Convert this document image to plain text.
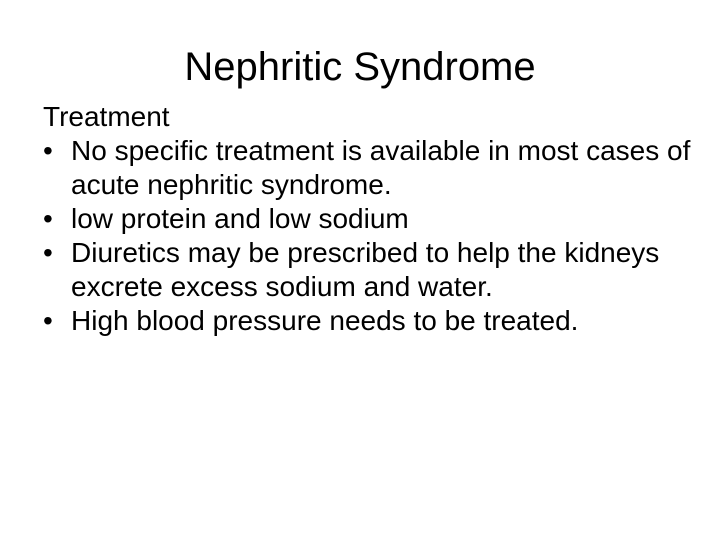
Nephritic Syndrome
Treatment
• No specific treatment is available in most cases of acute nephritic syndrome.
• low protein and low sodium
• Diuretics may be prescribed to help the kidneys excrete excess sodium and water.
• High blood pressure needs to be treated.
